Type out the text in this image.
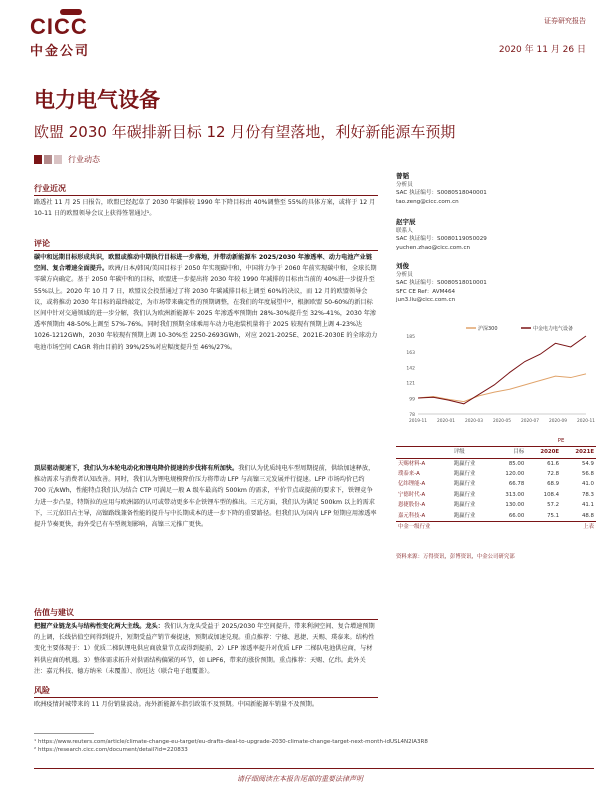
CICC
中金公司
证券研究报告
2020 年 11 月 26 日
电力电气设备
欧盟 2030 年碳排新目标 12 月份有望落地，利好新能源车预期
行业动态
行业近况
路透社 11 月 25 日报告，欧盟已经起草了 2030 年碳排较 1990 年下降目标由 40%调整至 55%的具体方案，或将于 12 月 10-11 日的欧盟领导会议上获得签署通过¹。
评论
碳中和远期目标形成共识，欧盟或推动中期执行目标进一步落地，并带动新能源车 2025/2030 年渗透率、动力电池产业链空间、复合增速全面提升。欧洲/日本/韩国/美国目标于 2050 年实现碳中和，中国将力争于 2060 年前实现碳中和，全球长期零碳方向确定。基于 2050 年碳中和的目标，欧盟进一步提出将 2030 年较 1990 年减排的目标由当前的 40%进一步提升至 55%以上。2020 年 10 月 7 日，欧盟议会投票通过了将 2030 年碳减排目标上调至 60%的决议，而 12 月的欧盟领导会议，或将推动 2030 年目标的最终敲定，为市场带来确定性的预期调整，在我们的年度展望中²，根据欧盟 50-60%的新目标区间中针对交通领域的进一步分解，我们认为欧洲新能源车 2025 年渗透率预期由 28%-30%提升至 32%-41%，2030 年渗透率预期由 48-50%上调至 57%-76%。同时我们预期全球乘用车动力电池装机量将于 2025 较现有预期上调 4-23%达 1026-1212GWh，2030 年较现有预期上调 10-30%至 2250-2693GWh，对应 2021-2025E、2021E-2030E 的全球动力电池市场空间 CAGR 将由目前的 39%/25%对应幅度提升至 46%/27%。
顶层驱动提速下，我们认为本轮电动化和锂电降价提速的步伐将有所加快。我们认为优质纯电车型周期提前，供给加速释放，推动需求与消费者认知改善。同时，我们认为锂电规模降价压力将带动 LFP 与高镍三元发展并行提速。LFP 市场均价已约 700 元/kWh，性能特点我们认为结合 CTP 可满足一般 A 级车最高约 500km 的需求，平价节点或提前的要求下，铁锂竞争力进一步凸显，特斯拉的应用与欧洲部的认可或带动更多车企铁锂车型的推出。三元方面，我们认为满足 500km 以上的需求下，三元依旧占主导，高镍路线兼备性能的提升与中长期成本的进一步下降的重要路径。但我们认为国内 LFP 短期应用渗透率提升节奏更快，海外受已有车型规划影响，高镍三元推广更快。
估值与建议
把握产业链龙头与结构性变化两大主线。龙头：我们认为龙头受益于 2025/2030 年空间提升，带来利润空间、复合增速预期的上调，长线估值空间得到提升，短期受益产销节奏提速，预期或加速兑现。重点推荐：宁德、恩捷、天赐、璞泰来。结构性变化主要体现于：1）优质二梯队锂电供应商放量节点或得到提前，2）LFP 渗透率提升对优质 LFP 二梯队电池供应商，与材料供应商的机遇。3）整体需求拓升对供需结构偏紧的环节，如 LiPF6，带来的涨价预期。重点推荐：天赐、亿纬。此外关注：嘉元科技、德方纳米（未覆盖）、欣旺达（联合电子组覆盖）。
风险
欧洲疫情封城带来的 11 月份销量波动。海外新能源车指引政策不及预期。中国新能源车销量不及预期。
曾韬
分析员
SAC 执证编号：S0080518040001
tao.zeng@cicc.com.cn
赵宇辰
联系人
SAC 执证编号：S0080119050029
yuchen.zhao@cicc.com.cn
刘俊
分析员
SAC 执证编号：S0080518010001
SFC CE Ref：AVM464
jun3.liu@cicc.com.cn
沪深300	中金电力电气设备
185
163
142
121
99
78
2019-11 2020-01 2020-03 2020-05 2020-07 2020-09 2020-11
			PE	
	评级	目标	2020E	2021E
天赐材料-A	跑赢行业	85.00	61.6	54.9
璞泰来-A	跑赢行业	120.00	72.8	56.8
亿纬锂能-A	跑赢行业	66.78	68.9	41.0
宁德时代-A	跑赢行业	313.00	108.4	78.3
恩捷股份-A	跑赢行业	130.00	57.2	41.1
嘉元科技-A	跑赢行业	66.00	75.1	48.8
中金一级行业				上表
资料来源：万得资讯，彭博资讯，中金公司研究部
¹ https://www.reuters.com/article/climate-change-eu-target/eu-drafts-deal-to-upgrade-2030-climate-change-target-next-month-idUSL4N2IA3R8
² https://research.cicc.com/document/detail?id=220833
请仔细阅读在本报告尾部的重要法律声明
